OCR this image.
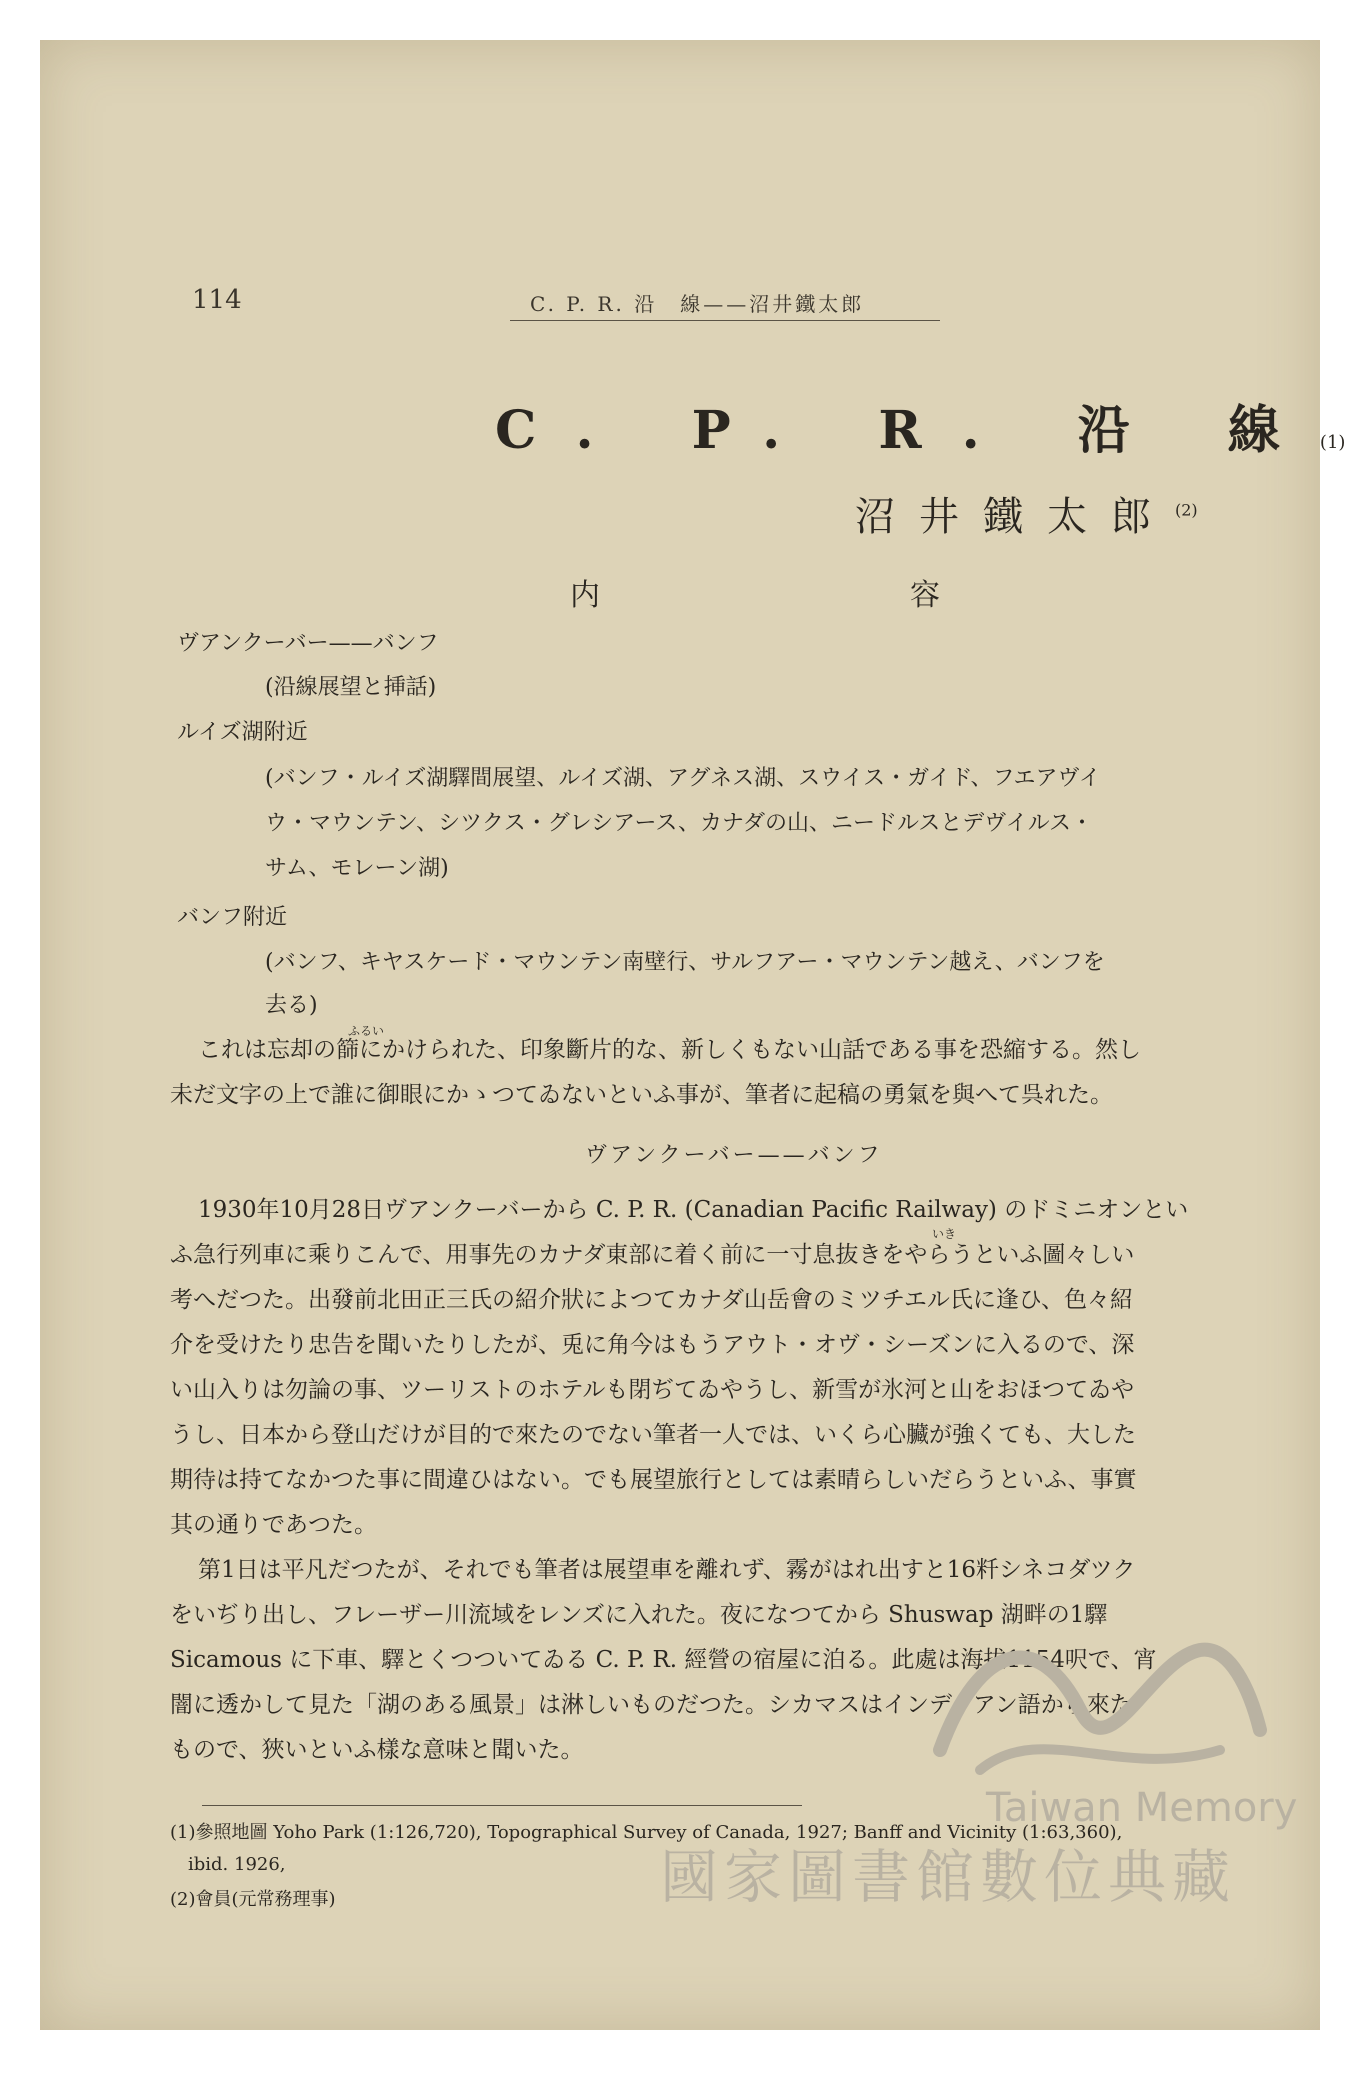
114	C. P. R. 沿　線——沼井鐵太郎
C. P. R. 沿 線(1)
沼井鐵太郎$^{(2)}$
内　容
ヴアンクーバー——バンフ
(沿線展望と挿話)
ルイズ湖附近
(バンフ・ルイズ湖驛間展望、ルイズ湖、アグネス湖、スウイス・ガイド、フエアヴイ
ウ・マウンテン、シツクス・グレシアース、カナダの山、ニードルスとデヴイルス・
サム、モレーン湖)
バンフ附近
(バンフ、キヤスケード・マウンテン南壁行、サルフアー・マウンテン越え、バンフを
去る)
ふるい
これは忘却の篩にかけられた、印象斷片的な、新しくもない山話である事を恐縮する。然し
未だ文字の上で誰に御眼にかゝつてゐないといふ事が、筆者に起稿の勇氣を與へて呉れた。
ヴアンクーバー——バンフ
いき
1930年10月28日ヴアンクーバーから C. P. R. (Canadian Pacific Railway) のドミニオンとい
ふ急行列車に乘りこんで、用事先のカナダ東部に着く前に一寸息抜きをやらうといふ圖々しい
考へだつた。出發前北田正三氏の紹介狀によつてカナダ山岳會のミツチエル氏に逢ひ、色々紹
介を受けたり忠告を聞いたりしたが、兎に角今はもうアウト・オヴ・シーズンに入るので、深
い山入りは勿論の事、ツーリストのホテルも閉ぢてゐやうし、新雪が氷河と山をおほつてゐや
うし、日本から登山だけが目的で來たのでない筆者一人では、いくら心臟が強くても、大した
期待は持てなかつた事に間違ひはない。でも展望旅行としては素晴らしいだらうといふ、事實
其の通りであつた。
第1日は平凡だつたが、それでも筆者は展望車を離れず、霧がはれ出すと16粁シネコダツク
をいぢり出し、フレーザー川流域をレンズに入れた。夜になつてから Shuswap 湖畔の1驛
Sicamous に下車、驛とくつついてゐる C. P. R. 經營の宿屋に泊る。此處は海拔1154呎で、宵
闇に透かして見た「湖のある風景」は淋しいものだつた。シカマスはインデイアン語から來た
もので、狹いといふ樣な意味と聞いた。
(1)參照地圖 Yoho Park (1:126,720), Topographical Survey of Canada, 1927; Banff and Vicinity (1:63,360),
ibid. 1926,
(2)會員(元常務理事)
Taiwan Memory
國家圖書館數位典藏
